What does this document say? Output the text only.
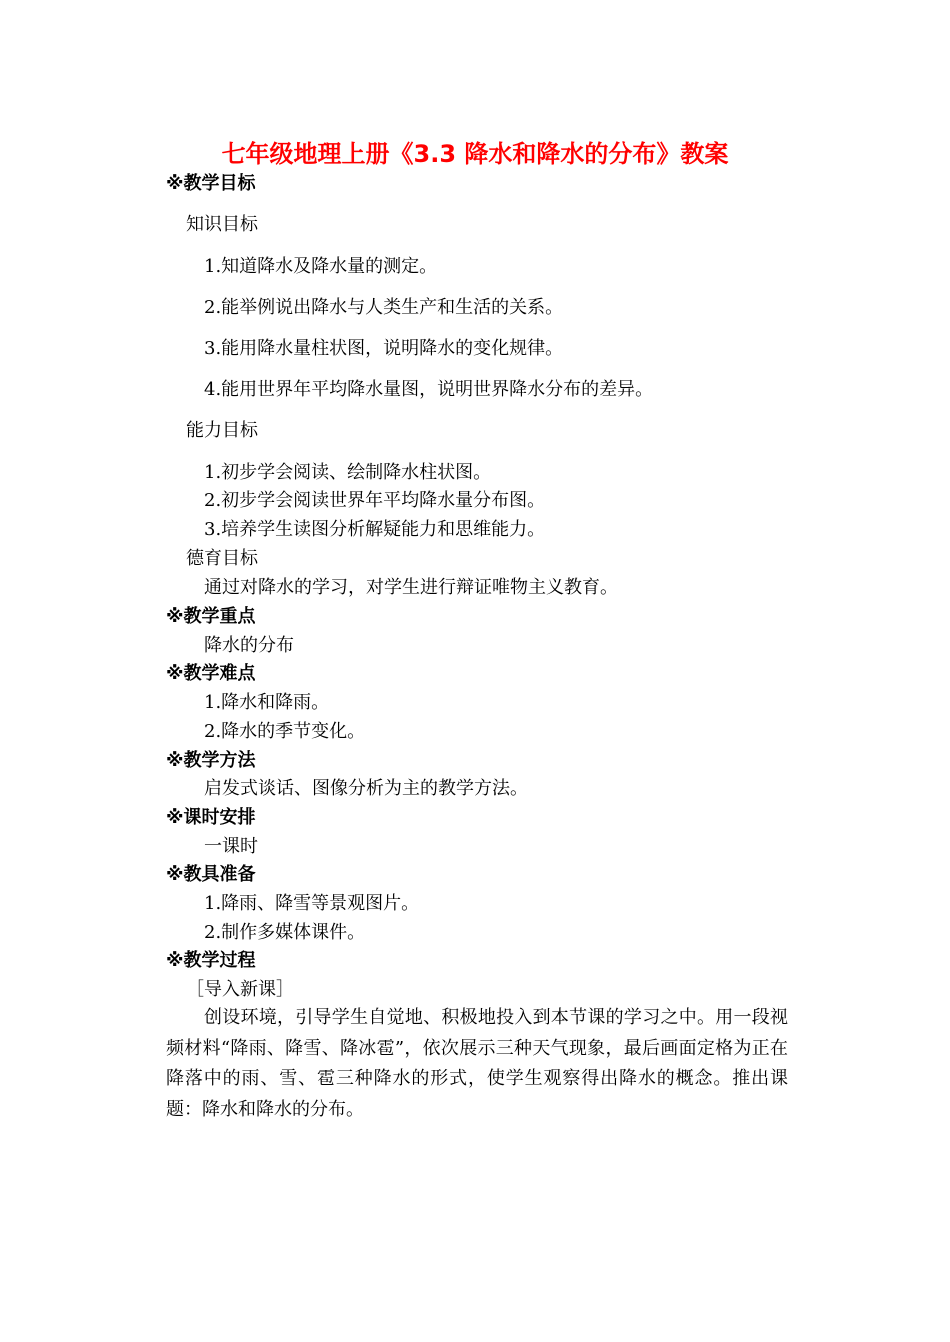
七年级地理上册《3.3 降水和降水的分布》教案
※教学目标
知识目标
1.知道降水及降水量的测定。
2.能举例说出降水与人类生产和生活的关系。
3.能用降水量柱状图，说明降水的变化规律。
4.能用世界年平均降水量图，说明世界降水分布的差异。
能力目标
1.初步学会阅读、绘制降水柱状图。
2.初步学会阅读世界年平均降水量分布图。
3.培养学生读图分析解疑能力和思维能力。
德育目标
通过对降水的学习，对学生进行辩证唯物主义教育。
※教学重点
降水的分布
※教学难点
1.降水和降雨。
2.降水的季节变化。
※教学方法
启发式谈话、图像分析为主的教学方法。
※课时安排
一课时
※教具准备
1.降雨、降雪等景观图片。
2.制作多媒体课件。
※教学过程
［导入新课］
创设环境，引导学生自觉地、积极地投入到本节课的学习之中。用一段视频材料“降雨、降雪、降冰雹”，依次展示三种天气现象，最后画面定格为正在降落中的雨、雪、雹三种降水的形式，使学生观察得出降水的概念。推出课题：降水和降水的分布。
